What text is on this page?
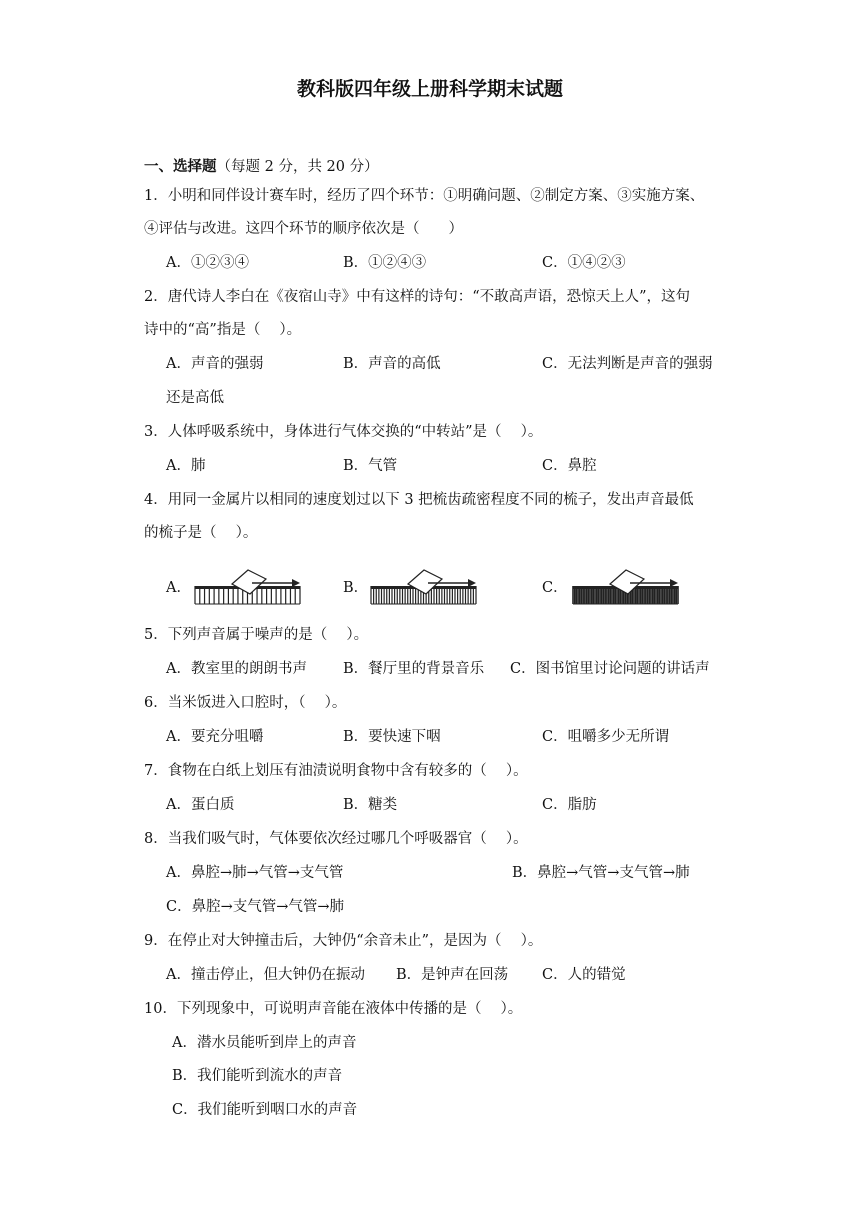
教科版四年级上册科学期末试题
一、选择题（每题 2 分，共 20 分）
1．小明和同伴设计赛车时，经历了四个环节：①明确问题、②制定方案、③实施方案、
④评估与改进。这四个环节的顺序依次是（　　）
A．①②③④	B．①②④③	C．①④②③
2．唐代诗人李白在《夜宿山寺》中有这样的诗句：“不敢高声语，恐惊天上人”，这句
诗中的“高”指是（　 ）。
A．声音的强弱	B．声音的高低	C．无法判断是声音的强弱
还是高低
3．人体呼吸系统中，身体进行气体交换的“中转站”是（　 ）。
A．肺	B．气管	C．鼻腔
4．用同一金属片以相同的速度划过以下 3 把梳齿疏密程度不同的梳子，发出声音最低
的梳子是（　 ）。
A．	B．	C．
5．下列声音属于噪声的是（　 ）。
A．教室里的朗朗书声 B．餐厅里的背景音乐 C．图书馆里讨论问题的讲话声
6．当米饭进入口腔时，（　 ）。
A．要充分咀嚼	B．要快速下咽	C．咀嚼多少无所谓
7．食物在白纸上划压有油渍说明食物中含有较多的（　 ）。
A．蛋白质	B．糖类	C．脂肪
8．当我们吸气时，气体要依次经过哪几个呼吸器官（　 ）。
A．鼻腔→肺→气管→支气管	B．鼻腔→气管→支气管→肺
C．鼻腔→支气管→气管→肺
9．在停止对大钟撞击后，大钟仍“余音未止”，是因为（　 ）。
A．撞击停止，但大钟仍在振动 B．是钟声在回荡 C．人的错觉
10．下列现象中，可说明声音能在液体中传播的是（　 ）。
A．潜水员能听到岸上的声音
B．我们能听到流水的声音
C．我们能听到咽口水的声音
